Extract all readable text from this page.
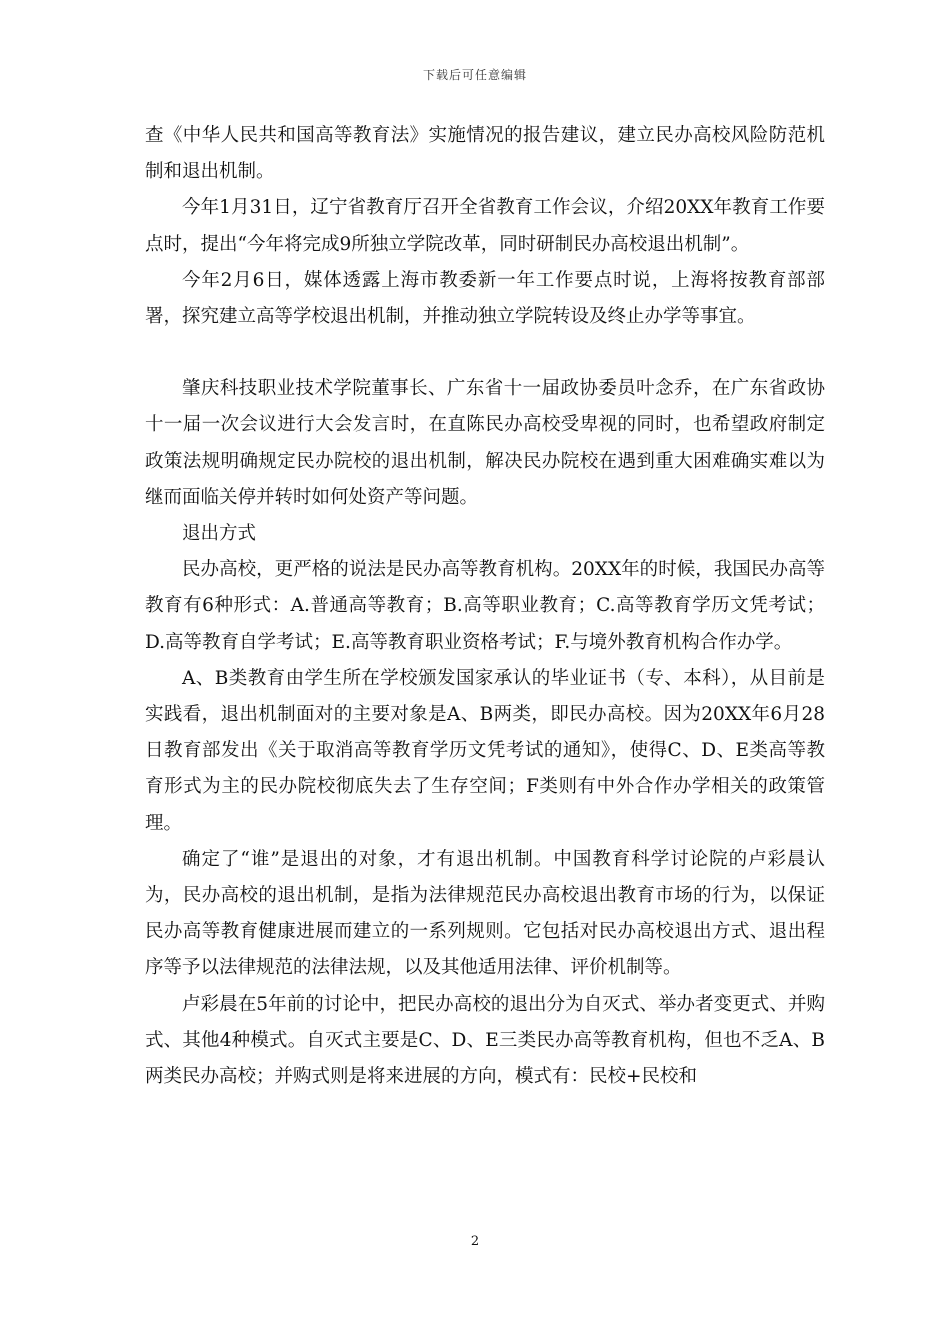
下载后可任意编辑

查《中华人民共和国高等教育法》实施情况的报告建议，建立民办高校风险防范机制和退出机制。

今年1月31日，辽宁省教育厅召开全省教育工作会议，介绍20XX年教育工作要点时，提出“今年将完成9所独立学院改革，同时研制民办高校退出机制”。

今年2月6日，媒体透露上海市教委新一年工作要点时说，上海将按教育部部署，探究建立高等学校退出机制，并推动独立学院转设及终止办学等事宜。

肇庆科技职业技术学院董事长、广东省十一届政协委员叶念乔，在广东省政协十一届一次会议进行大会发言时，在直陈民办高校受卑视的同时，也希望政府制定政策法规明确规定民办院校的退出机制，解决民办院校在遇到重大困难确实难以为继而面临关停并转时如何处资产等问题。

退出方式

民办高校，更严格的说法是民办高等教育机构。20XX年的时候，我国民办高等教育有6种形式：A.普通高等教育；B.高等职业教育；C.高等教育学历文凭考试；D.高等教育自学考试；E.高等教育职业资格考试；F.与境外教育机构合作办学。

A、B类教育由学生所在学校颁发国家承认的毕业证书（专、本科），从目前是实践看，退出机制面对的主要对象是A、B两类，即民办高校。因为20XX年6月28日教育部发出《关于取消高等教育学历文凭考试的通知》，使得C、D、E类高等教育形式为主的民办院校彻底失去了生存空间；F类则有中外合作办学相关的政策管理。

确定了“谁”是退出的对象，才有退出机制。中国教育科学讨论院的卢彩晨认为，民办高校的退出机制，是指为法律规范民办高校退出教育市场的行为，以保证民办高等教育健康进展而建立的一系列规则。它包括对民办高校退出方式、退出程序等予以法律规范的法律法规，以及其他适用法律、评价机制等。

卢彩晨在5年前的讨论中，把民办高校的退出分为自灭式、举办者变更式、并购式、其他4种模式。自灭式主要是C、D、E三类民办高等教育机构，但也不乏A、B两类民办高校；并购式则是将来进展的方向，模式有：民校+民校和

2
